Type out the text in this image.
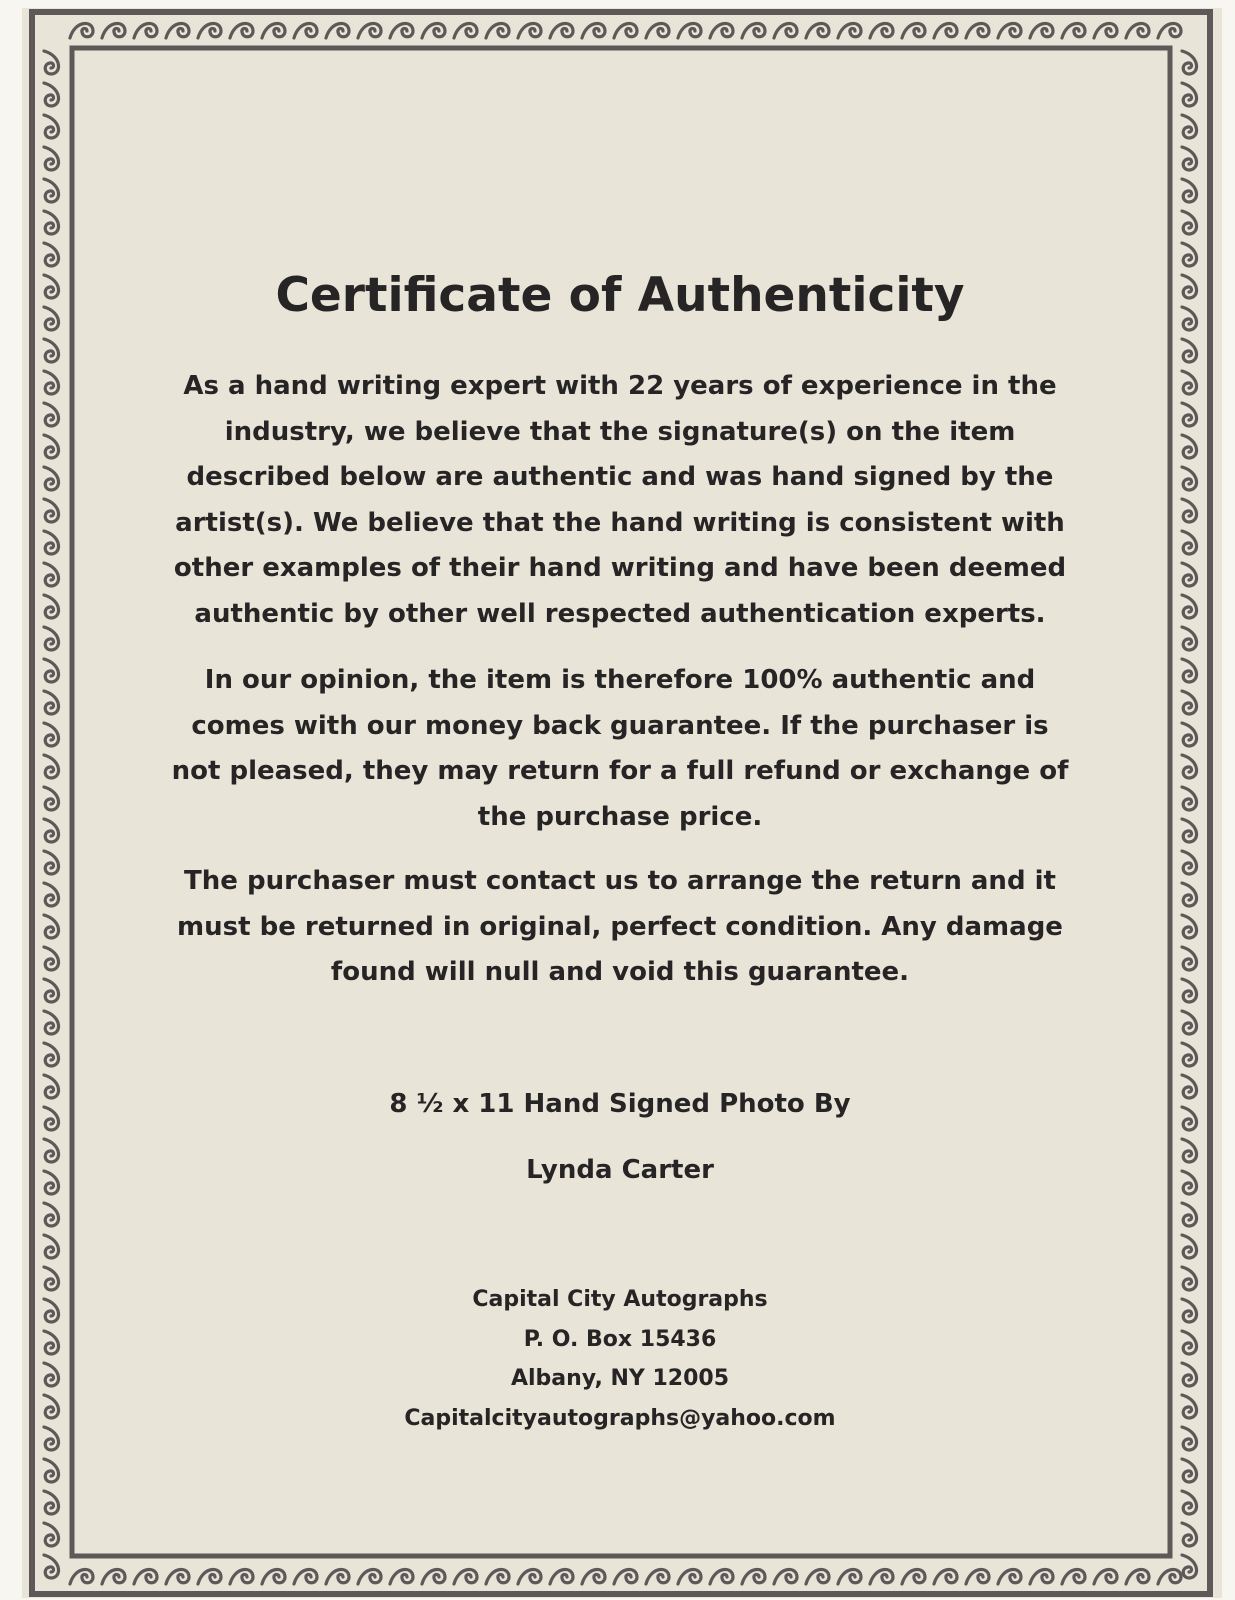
Certificate of Authenticity
As a hand writing expert with 22 years of experience in the
industry, we believe that the signature(s) on the item
described below are authentic and was hand signed by the
artist(s). We believe that the hand writing is consistent with
other examples of their hand writing and have been deemed
authentic by other well respected authentication experts.
In our opinion, the item is therefore 100% authentic and
comes with our money back guarantee. If the purchaser is
not pleased, they may return for a full refund or exchange of
the purchase price.
The purchaser must contact us to arrange the return and it
must be returned in original, perfect condition. Any damage
found will null and void this guarantee.
8 ½ x 11 Hand Signed Photo By
Lynda Carter
Capital City Autographs
P. O. Box 15436
Albany, NY 12005
Capitalcityautographs@yahoo.com
